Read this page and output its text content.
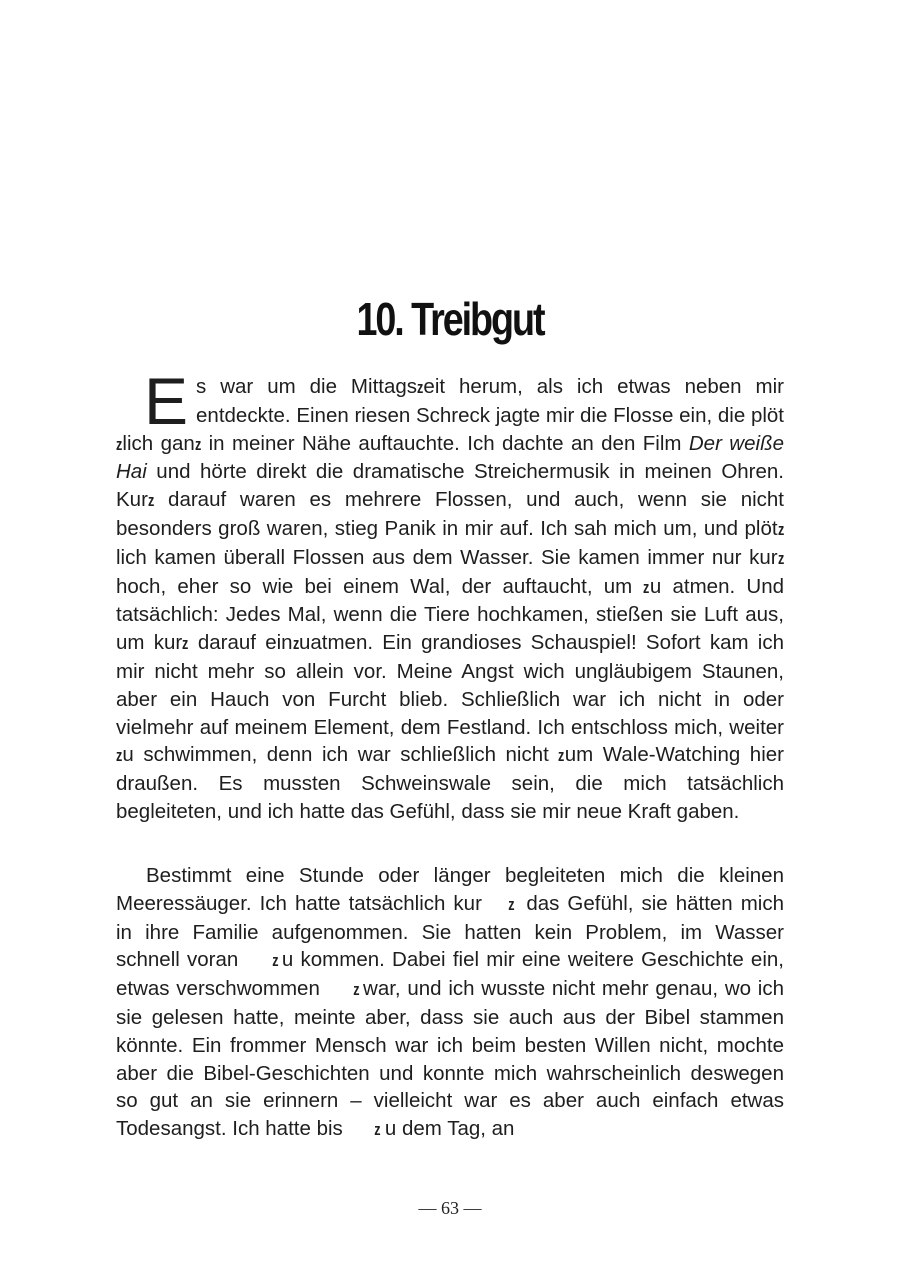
10. Treibgut

Es war um die Mittagszeit herum, als ich etwas neben mir entdeckte. Einen riesen Schreck jagte mir die Flosse ein, die plötzlich ganz in meiner Nähe auftauchte. Ich dachte an den Film Der weiße Hai und hörte direkt die dramatische Streichermusik in meinen Ohren. Kurz darauf waren es mehrere Flossen, und auch, wenn sie nicht besonders groß waren, stieg Panik in mir auf. Ich sah mich um, und plötzlich kamen überall Flossen aus dem Wasser. Sie kamen immer nur kurz hoch, eher so wie bei einem Wal, der auftaucht, um zu atmen. Und tatsächlich: Jedes Mal, wenn die Tiere hochkamen, stießen sie Luft aus, um kurz darauf einzuatmen. Ein grandioses Schauspiel! Sofort kam ich mir nicht mehr so allein vor. Meine Angst wich ungläubigem Staunen, aber ein Hauch von Furcht blieb. Schließlich war ich nicht in oder vielmehr auf meinem Element, dem Festland. Ich entschloss mich, weiter zu schwimmen, denn ich war schließlich nicht zum Wale-Watching hier draußen. Es mussten Schweinswale sein, die mich tatsächlich begleiteten, und ich hatte das Gefühl, dass sie mir neue Kraft gaben.

Bestimmt eine Stunde oder länger begleiteten mich die kleinen Meeressäuger. Ich hatte tatsächlich kur z das Gefühl, sie hätten mich in ihre Familie aufgenommen. Sie hatten kein Problem, im Wasser schnell voran z u kommen. Dabei fiel mir eine weitere Geschichte ein, etwas verschwommen z war, und ich wusste nicht mehr genau, wo ich sie gelesen hatte, meinte aber, dass sie auch aus der Bibel stammen könnte. Ein frommer Mensch war ich beim besten Willen nicht, mochte aber die Bibel-Geschichten und konnte mich wahrscheinlich deswegen so gut an sie erinnern – vielleicht war es aber auch einfach etwas Todesangst. Ich hatte bis z u dem Tag, an

— 63 —
